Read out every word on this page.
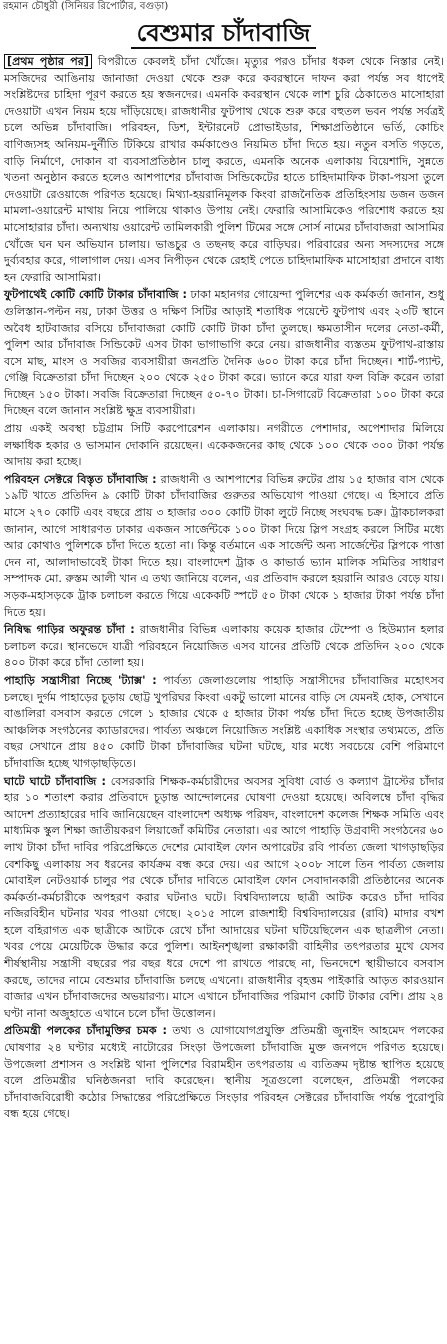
রহমান চৌধুরী (সিনিয়র রিপোর্টার, বগুড়া)
বেশুমার চাঁদাবাজি

[প্রথম পৃষ্ঠার পর] বিপরীতে কেবলই চাঁদা খোঁজে। মৃত্যুর পরও চাঁদার ধকল থেকে নিস্তার নেই। মসজিদের আঙিনায় জানাজা দেওয়া থেকে শুরু করে কবরস্থানে দাফন করা পর্যন্ত সব ধাপেই সংশ্লিষ্টদের চাহিদা পূরণ করতে হয় স্বজনদের। এমনকি কবরস্থান থেকে লাশ চুরি ঠেকাতেও মাসোহারা দেওয়াটা এখন নিয়ম হয়ে দাঁড়িয়েছে। রাজধানীর ফুটপাথ থেকে শুরু করে বহুতল ভবন পর্যন্ত সর্বত্রই চলে অভিন্ন চাঁদাবাজি। পরিবহন, ডিশ, ইন্টারনেট প্রোভাইডার, শিক্ষাপ্রতিষ্ঠানে ভর্তি, কোচিং বাণিজ্যসহ অনিয়ম-দুর্নীতি টিকিয়ে রাখার কর্মকাণ্ডেও নিয়মিত চাঁদা দিতে হয়। নতুন বসতি গড়তে, বাড়ি নির্মাণে, দোকান বা ব্যবসাপ্রতিষ্ঠান চালু করতে, এমনকি অনেক এলাকায় বিয়েশাদি, সুন্নতে খতনা অনুষ্ঠান করতে হলেও আশপাশের চাঁদাবাজ সিন্ডিকেটের হাতে চাহিদামাফিক টাকা-পয়সা তুলে দেওয়াটা রেওয়াজে পরিণত হয়েছে। মিথ্যা-হয়রানিমূলক কিংবা রাজনৈতিক প্রতিহিংসায় ডজন ডজন মামলা-ওয়ারেন্ট মাথায় নিয়ে পালিয়ে থাকাও উপায় নেই। ফেরারি আসামিকেও পরিশোধ করতে হয় মাসোহারার চাঁদা। অন্যথায় ওয়ারেন্ট তামিলকারী পুলিশ টিমের সঙ্গে সোর্স নামের চাঁদাবাজরা আসামির খোঁজে ঘন ঘন অভিযান চালায়। ভাঙচুর ও তছনছ করে বাড়িঘর। পরিবারের অন্য সদস্যদের সঙ্গে দুর্ব্যবহার করে, গালাগাল দেয়। এসব নিপীড়ন থেকে রেহাই পেতে চাহিদামাফিক মাসোহারা প্রদানে বাধ্য হন ফেরারি আসামিরা।

ফুটপাথেই কোটি কোটি টাকার চাঁদাবাজি : ঢাকা মহানগর গোয়েন্দা পুলিশের এক কর্মকর্তা জানান, শুধু গুলিস্তান-পল্টন নয়, ঢাকা উত্তর ও দক্ষিণ সিটির আড়াই শতাধিক পয়েন্টে ফুটপাথ এবং ২৩টি স্থানে অবৈধ হাটবাজার বসিয়ে চাঁদাবাজরা কোটি কোটি টাকা চাঁদা তুলছে। ক্ষমতাসীন দলের নেতা-কর্মী, পুলিশ আর চাঁদাবাজ সিন্ডিকেট এসব টাকা ভাগাভাগি করে নেয়। রাজধানীর ব্যস্ততম ফুটপাথ-রাস্তায় বসে মাছ, মাংস ও সবজির ব্যবসায়ীরা জনপ্রতি দৈনিক ৬০০ টাকা করে চাঁদা দিচ্ছেন। শার্ট-প্যান্ট, গেঞ্জি বিক্রেতারা চাঁদা দিচ্ছেন ২০০ থেকে ২৫০ টাকা করে। ভ্যানে করে যারা ফল বিক্রি করেন তারা দিচ্ছেন ১৫০ টাকা। সবজি বিক্রেতারা দিচ্ছেন ৫০-৭০ টাকা। চা-সিগারেট বিক্রেতারা ১০০ টাকা করে দিচ্ছেন বলে জানান সংশ্লিষ্ট ক্ষুদ্র ব্যবসায়ীরা।

প্রায় একই অবস্থা চট্টগ্রাম সিটি করপোরেশন এলাকায়। নগরীতে পেশাদার, অপেশাদার মিলিয়ে লক্ষাধিক হকার ও ভাসমান দোকানি রয়েছেন। একেকজনের কাছ থেকে ১০০ থেকে ৩০০ টাকা পর্যন্ত আদায় করা হচ্ছে।

পরিবহন সেক্টরে বিস্তৃত চাঁদাবাজি : রাজধানী ও আশপাশের বিভিন্ন রুটের প্রায় ১৫ হাজার বাস থেকে ১৯টি খাতে প্রতিদিন ৯ কোটি টাকা চাঁদাবাজির গুরুতর অভিযোগ পাওয়া গেছে। এ হিসাবে প্রতি মাসে ২৭০ কোটি এবং বছরে প্রায় ৩ হাজার ৩০০ কোটি টাকা লুটে নিচ্ছে সংঘবদ্ধ চক্র। ট্রাকচালকরা জানান, আগে সাধারণত ঢাকার একজন সার্জেন্টকে ১০০ টাকা দিয়ে স্লিপ সংগ্রহ করলে সিটির মধ্যে আর কোথাও পুলিশকে চাঁদা দিতে হতো না। কিন্তু বর্তমানে এক সার্জেন্ট অন্য সার্জেন্টের স্লিপকে পাত্তা দেন না, আলাদাভাবেই টাকা দিতে হয়। বাংলাদেশ ট্রাক ও কাভার্ড ভ্যান মালিক সমিতির সাধারণ সম্পাদক মো. রুস্তম আলী খান এ তথ্য জানিয়ে বলেন, এর প্রতিবাদ করলে হয়রানি আরও বেড়ে যায়। সড়ক-মহাসড়কে ট্রাক চলাচল করতে গিয়ে একেকটি স্পটে ৫০ টাকা থেকে ১ হাজার টাকা পর্যন্ত চাঁদা দিতে হয়।

নিষিদ্ধ গাড়ির অফুরন্ত চাঁদা : রাজধানীর বিভিন্ন এলাকায় কয়েক হাজার টেম্পো ও হিউম্যান হলার চলাচল করে। স্থানভেদে যাত্রী পরিবহনে নিয়োজিত এসব যানের প্রতিটি থেকে প্রতিদিন ২০০ থেকে ৪০০ টাকা করে চাঁদা তোলা হয়।

পাহাড়ি সন্ত্রাসীরা নিচ্ছে 'ট্যাক্স' : পার্বত্য জেলাগুলোয় পাহাড়ি সন্ত্রাসীদের চাঁদাবাজির মহোৎসব চলছে। দুর্গম পাহাড়ের চূড়ায় ছোট্ট খুপরিঘর কিংবা একটু ভালো মানের বাড়ি সে যেমনই হোক, সেখানে বাঙালিরা বসবাস করতে গেলে ১ হাজার থেকে ৫ হাজার টাকা পর্যন্ত চাঁদা দিতে হচ্ছে উপজাতীয় আঞ্চলিক সংগঠনের ক্যাডারদের। পার্বত্য অঞ্চলে নিয়োজিত সংশ্লিষ্ট একাধিক সংস্থার তথ্যমতে, প্রতি বছর সেখানে প্রায় ৪৫০ কোটি টাকা চাঁদাবাজির ঘটনা ঘটছে, যার মধ্যে সবচেয়ে বেশি পরিমাণে চাঁদাবাজি হচ্ছে খাগড়াছড়িতে।

ঘাটে ঘাটে চাঁদাবাজি : বেসরকারি শিক্ষক-কর্মচারীদের অবসর সুবিধা বোর্ড ও কল্যাণ ট্রাস্টের চাঁদার হার ১০ শতাংশ করার প্রতিবাদে চূড়ান্ত আন্দোলনের ঘোষণা দেওয়া হয়েছে। অবিলম্বে চাঁদা বৃদ্ধির আদেশ প্রত্যাহারের দাবি জানিয়েছেন বাংলাদেশ অধ্যক্ষ পরিষদ, বাংলাদেশ কলেজ শিক্ষক সমিতি এবং মাধ্যমিক স্কুল শিক্ষা জাতীয়করণ লিয়াজোঁ কমিটির নেতারা। এর আগে পাহাড়ি উগ্রবাদী সংগঠনের ৬০ লাখ টাকা চাঁদা দাবির পরিপ্রেক্ষিতে দেশের মোবাইল ফোন অপারেটর রবি পার্বত্য জেলা খাগড়াছড়ির বেশকিছু এলাকায় সব ধরনের কার্যক্রম বন্ধ করে দেয়। এর আগে ২০০৮ সালে তিন পার্বত্য জেলায় মোবাইল নেটওয়ার্ক চালুর পর থেকে চাঁদার দাবিতে মোবাইল ফোন সেবাদানকারী প্রতিষ্ঠানের অনেক কর্মকর্তা-কর্মচারীকে অপহরণ করার ঘটনাও ঘটে। বিশ্ববিদ্যালয়ে ছাত্রী আটক করেও চাঁদা দাবির নজিরবিহীন ঘটনার খবর পাওয়া গেছে। ২০১৫ সালে রাজশাহী বিশ্ববিদ্যালয়ের (রাবি) মাদার বখশ হলে বহিরাগত এক ছাত্রীকে আটকে রেখে চাঁদা আদায়ের ঘটনা ঘটিয়েছিলেন এক ছাত্রলীগ নেতা। খবর পেয়ে মেয়েটিকে উদ্ধার করে পুলিশ। আইনশৃঙ্খলা রক্ষাকারী বাহিনীর তৎপরতার মুখে যেসব শীর্ষস্থানীয় সন্ত্রাসী বছরের পর বছর ধরে দেশে পা রাখতে পারছে না, ভিনদেশে স্থায়ীভাবে বসবাস করছে, তাদের নামে বেশুমার চাঁদাবাজি চলছে এখনো। রাজধানীর বৃহত্তম পাইকারি আড়ত কারওয়ান বাজার এখন চাঁদাবাজদের অভয়ারণ্য। মাসে এখানে চাঁদাবাজির পরিমাণ কোটি টাকার বেশি। প্রায় ২৪ ঘণ্টা নানা অজুহাতে এখানে চলে চাঁদা উত্তোলন।

প্রতিমন্ত্রী পলকের চাঁদামুক্তির চমক : তথ্য ও যোগাযোগপ্রযুক্তি প্রতিমন্ত্রী জুনাইদ আহমেদ পলকের ঘোষণার ২৪ ঘণ্টার মধ্যেই নাটোরের সিংড়া উপজেলা চাঁদাবাজি মুক্ত জনপদে পরিণত হয়েছে। উপজেলা প্রশাসন ও সংশ্লিষ্ট থানা পুলিশের বিরামহীন তৎপরতায় এ ব্যতিক্রম দৃষ্টান্ত স্থাপিত হয়েছে বলে প্রতিমন্ত্রীর ঘনিষ্ঠজনরা দাবি করেছেন। স্থানীয় সূত্রগুলো বলেছেন, প্রতিমন্ত্রী পলকের চাঁদাবাজবিরোধী কঠোর সিদ্ধান্তের পরিপ্রেক্ষিতে সিংড়ার পরিবহন সেক্টরের চাঁদাবাজি পর্যন্ত পুরোপুরি বন্ধ হয়ে গেছে।
